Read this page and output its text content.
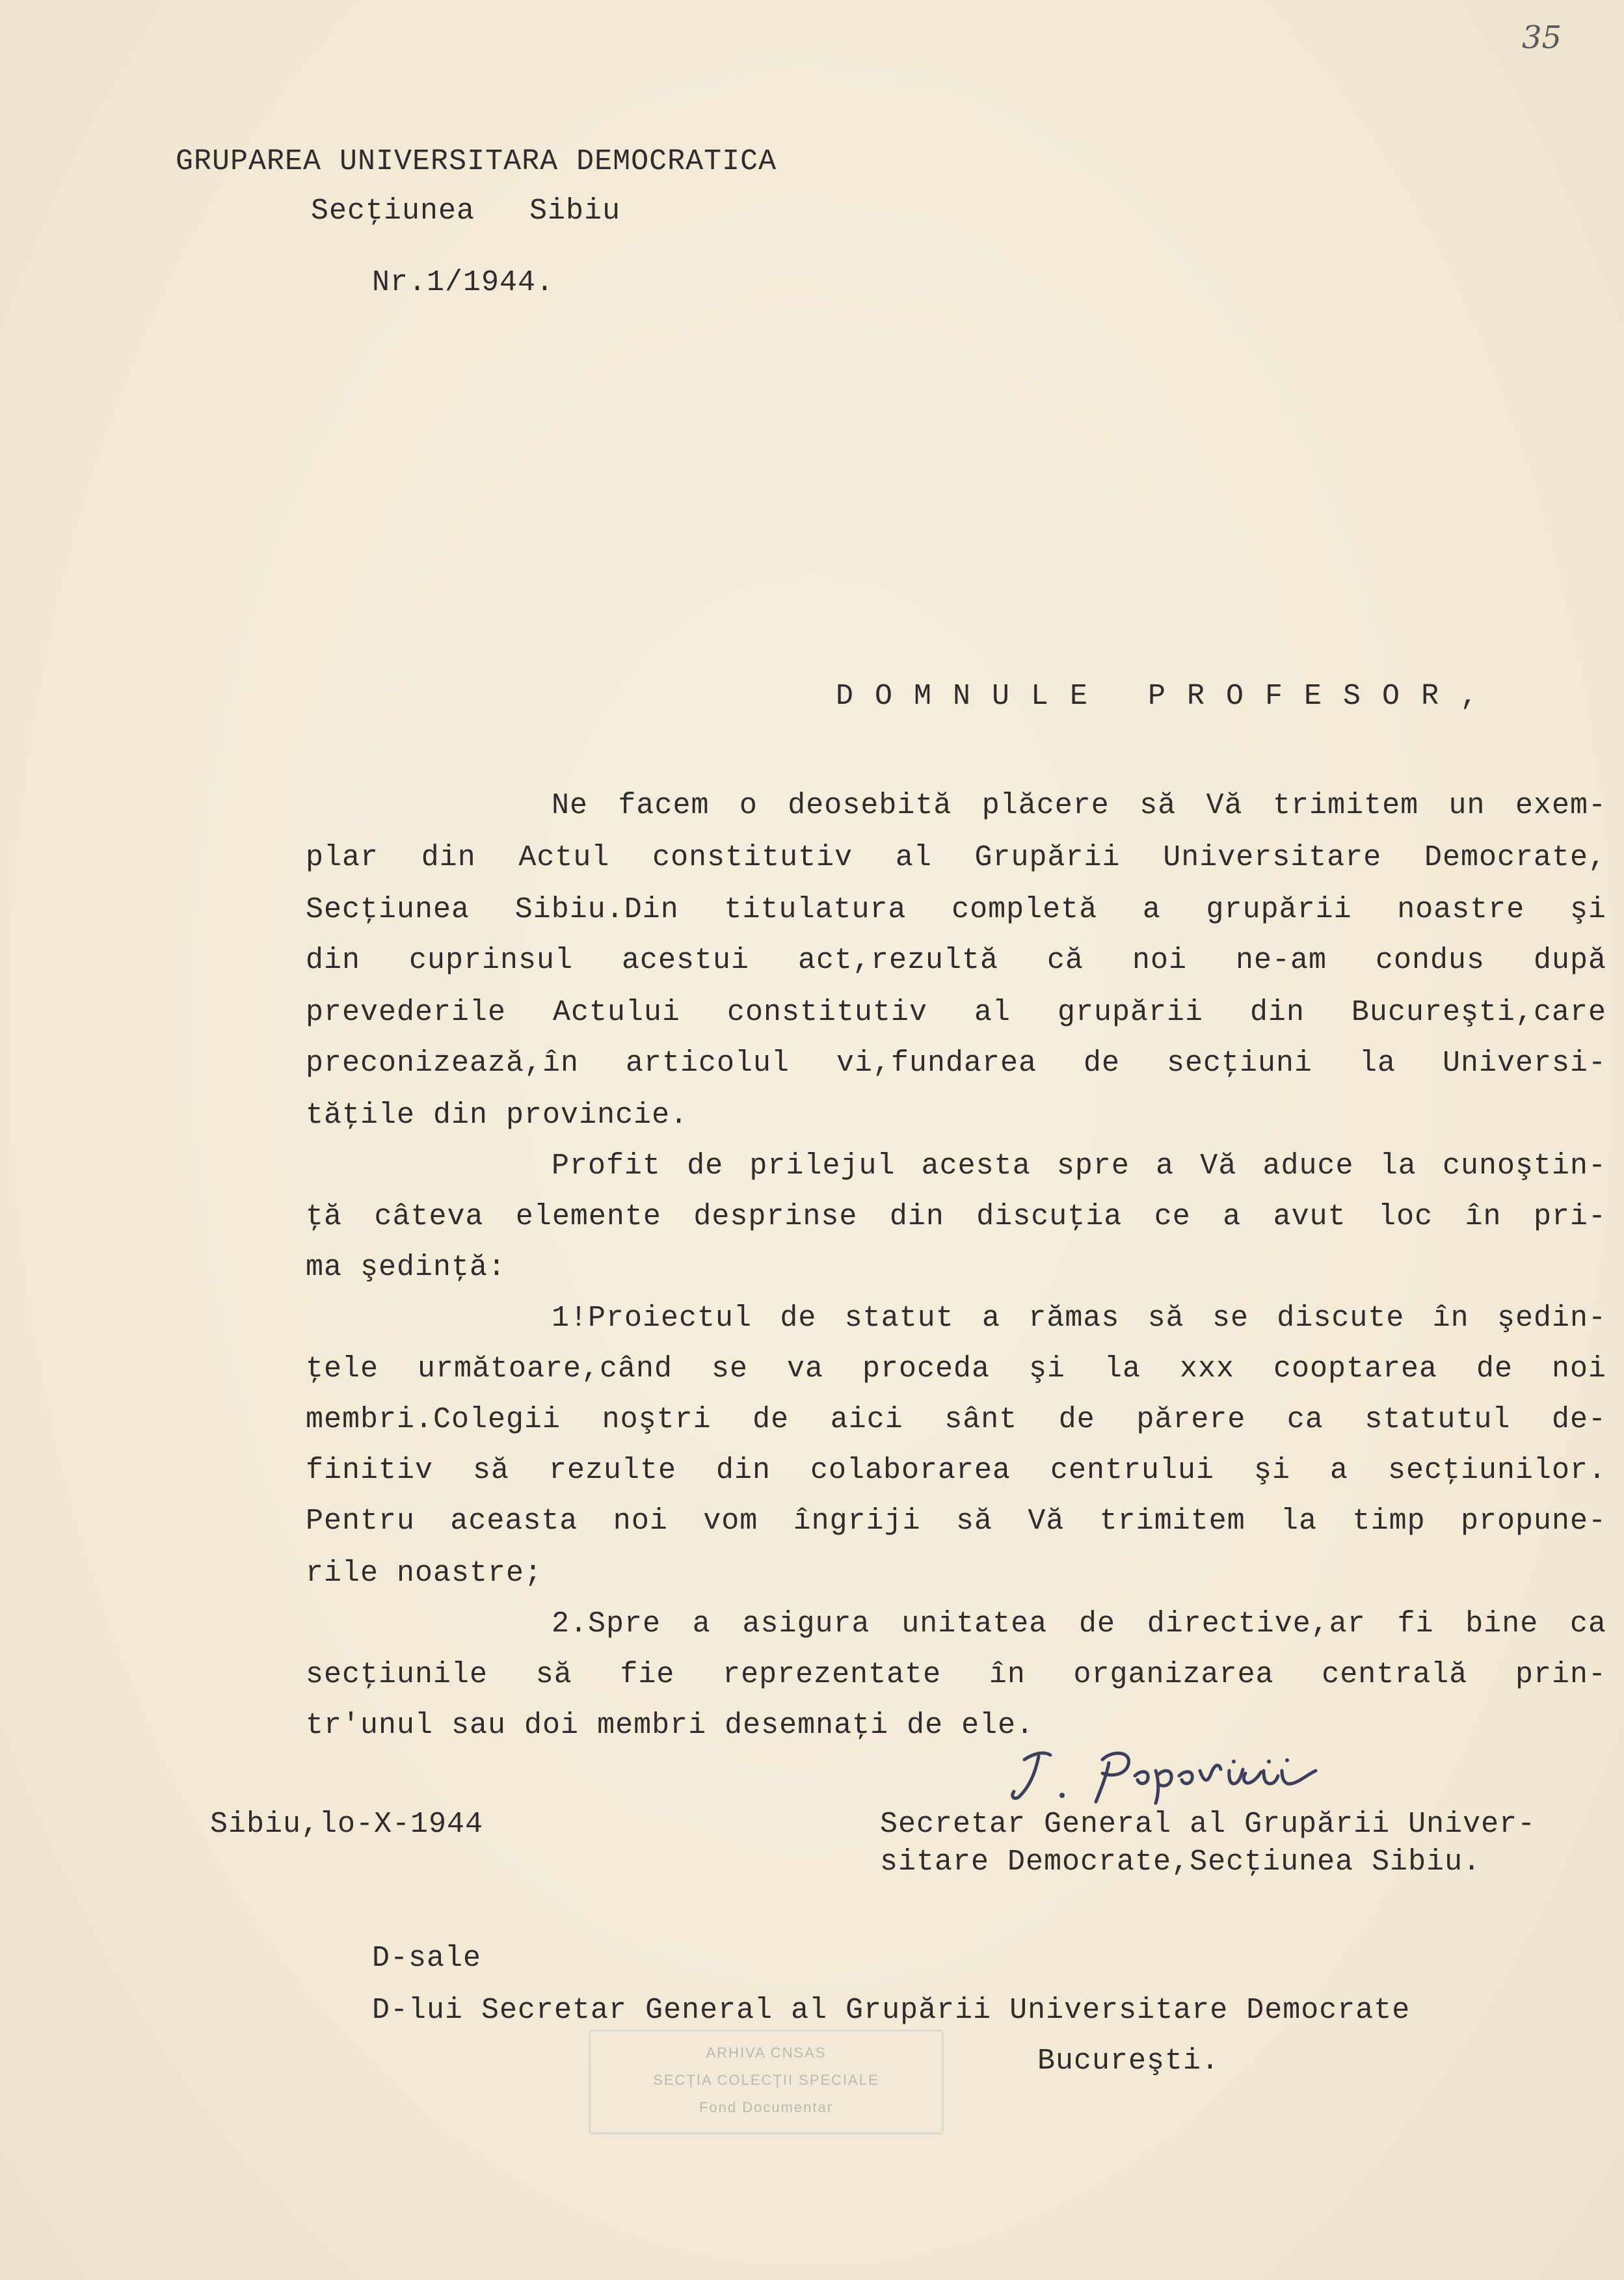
35
GRUPAREA UNIVERSITARA DEMOCRATICA
Secţiunea   Sibiu
Nr.1/1944.
DOMNULE PROFESOR,
Ne facem o deosebită plăcere să Vă trimitem un exem-
plar din Actul constitutiv al Grupării Universitare Democrate,
Secţiunea Sibiu.Din titulatura completă a grupării noastre şi
din cuprinsul acestui act,rezultă că noi ne-am condus după
prevederile Actului constitutiv al grupării din Bucureşti,care
preconizează,în articolul vi,fundarea de secţiuni la Universi-
tăţile din provincie.
Profit de prilejul acesta spre a Vă aduce la cunoştin-
ţă câteva elemente desprinse din discuţia ce a avut loc în pri-
ma şedinţă:
1!Proiectul de statut a rămas să se discute în şedin-
ţele următoare,când se va proceda şi la xxx cooptarea de noi
membri.Colegii noştri de aici sânt de părere ca statutul de-
finitiv să rezulte din colaborarea centrului şi a secţiunilor.
Pentru aceasta noi vom îngriji să Vă trimitem la timp propune-
rile noastre;
2.Spre a asigura unitatea de directive,ar fi bine ca
secţiunile să fie reprezentate în organizarea centrală prin-
tr'unul sau doi membri desemnaţi de ele.
Sibiu,lo-X-1944	Secretar General al Grupării Univer-
sitare Democrate,Secţiunea Sibiu.
D-sale
D-lui Secretar General al Grupării Universitare Democrate
Bucureşti.
ARHIVA CNSAS
SECŢIA COLECŢII SPECIALE
Fond Documentar
